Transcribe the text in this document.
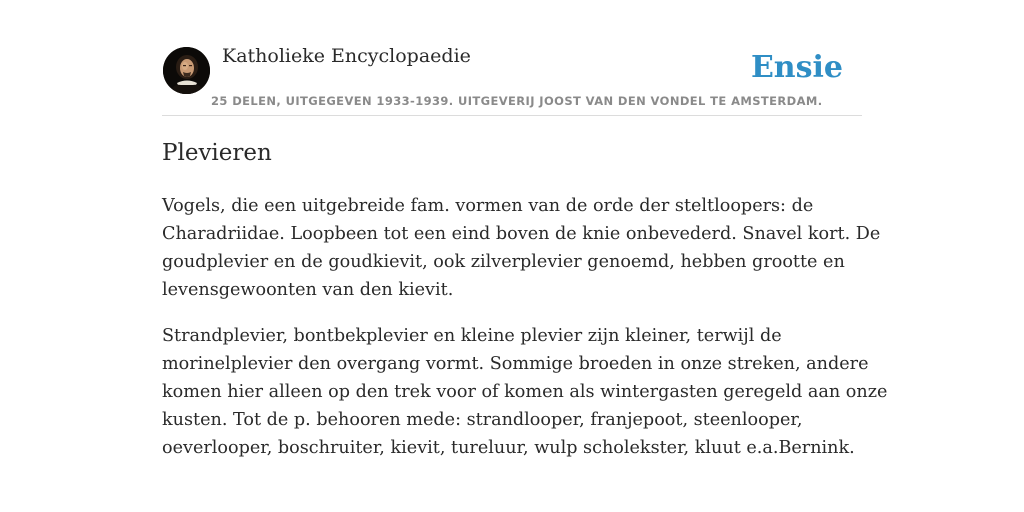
Katholieke Encyclopaedie	Ensie
25 DELEN, UITGEGEVEN 1933-1939. UITGEVERIJ JOOST VAN DEN VONDEL TE AMSTERDAM.
Plevieren

Vogels, die een uitgebreide fam. vormen van de orde der steltloopers: de
Charadriidae. Loopbeen tot een eind boven de knie onbevederd. Snavel kort. De
goudplevier en de goudkievit, ook zilverplevier genoemd, hebben grootte en
levensgewoonten van den kievit.

Strandplevier, bontbekplevier en kleine plevier zijn kleiner, terwijl de
morinelplevier den overgang vormt. Sommige broeden in onze streken, andere
komen hier alleen op den trek voor of komen als wintergasten geregeld aan onze
kusten. Tot de p. behooren mede: strandlooper, franjepoot, steenlooper,
oeverlooper, boschruiter, kievit, tureluur, wulp scholekster, kluut e.a.Bernink.
